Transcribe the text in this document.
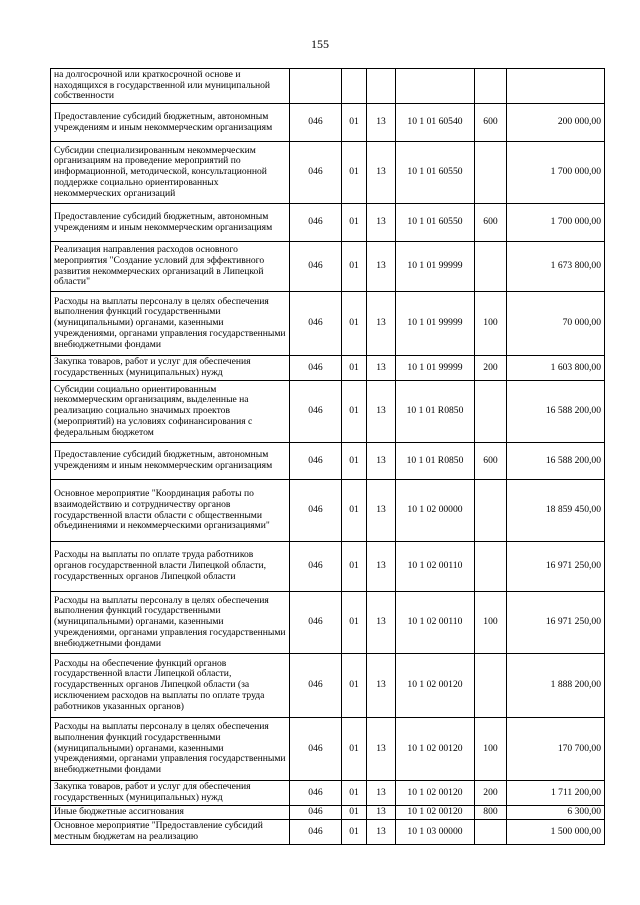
155
на долгосрочной или краткосрочной основе и находящихся в государственной или муниципальной собственности						
Предоставление субсидий бюджетным, автономным учреждениям и иным некоммерческим организациям	046	01	13	10 1 01 60540	600	200 000,00
Субсидии специализированным некоммерческим организациям на проведение мероприятий по информационной, методической, консультационной поддержке социально ориентированных некоммерческих организаций	046	01	13	10 1 01 60550		1 700 000,00
Предоставление субсидий бюджетным, автономным учреждениям и иным некоммерческим организациям	046	01	13	10 1 01 60550	600	1 700 000,00
Реализация направления расходов основного мероприятия "Создание условий для эффективного развития некоммерческих организаций в Липецкой области"	046	01	13	10 1 01 99999		1 673 800,00
Расходы на выплаты персоналу в целях обеспечения выполнения функций государственными (муниципальными) органами, казенными учреждениями, органами управления государственными внебюджетными фондами	046	01	13	10 1 01 99999	100	70 000,00
Закупка товаров, работ и услуг для обеспечения государственных (муниципальных) нужд	046	01	13	10 1 01 99999	200	1 603 800,00
Субсидии социально ориентированным некоммерческим организациям, выделенные на реализацию социально значимых проектов (мероприятий) на условиях софинансирования с федеральным бюджетом	046	01	13	10 1 01 R0850		16 588 200,00
Предоставление субсидий бюджетным, автономным учреждениям и иным некоммерческим организациям	046	01	13	10 1 01 R0850	600	16 588 200,00
Основное мероприятие "Координация работы по взаимодействию и сотрудничеству органов государственной власти области с общественными объединениями и некоммерческими организациями"	046	01	13	10 1 02 00000		18 859 450,00
Расходы на выплаты по оплате труда работников органов государственной власти Липецкой области, государственных органов Липецкой области	046	01	13	10 1 02 00110		16 971 250,00
Расходы на выплаты персоналу в целях обеспечения выполнения функций государственными (муниципальными) органами, казенными учреждениями, органами управления государственными внебюджетными фондами	046	01	13	10 1 02 00110	100	16 971 250,00
Расходы на обеспечение функций органов государственной власти Липецкой области, государственных органов Липецкой области (за исключением расходов на выплаты по оплате труда работников указанных органов)	046	01	13	10 1 02 00120		1 888 200,00
Расходы на выплаты персоналу в целях обеспечения выполнения функций государственными (муниципальными) органами, казенными учреждениями, органами управления государственными внебюджетными фондами	046	01	13	10 1 02 00120	100	170 700,00
Закупка товаров, работ и услуг для обеспечения государственных (муниципальных) нужд	046	01	13	10 1 02 00120	200	1 711 200,00
Иные бюджетные ассигнования	046	01	13	10 1 02 00120	800	6 300,00
Основное мероприятие "Предоставление субсидий местным бюджетам на реализацию	046	01	13	10 1 03 00000		1 500 000,00
